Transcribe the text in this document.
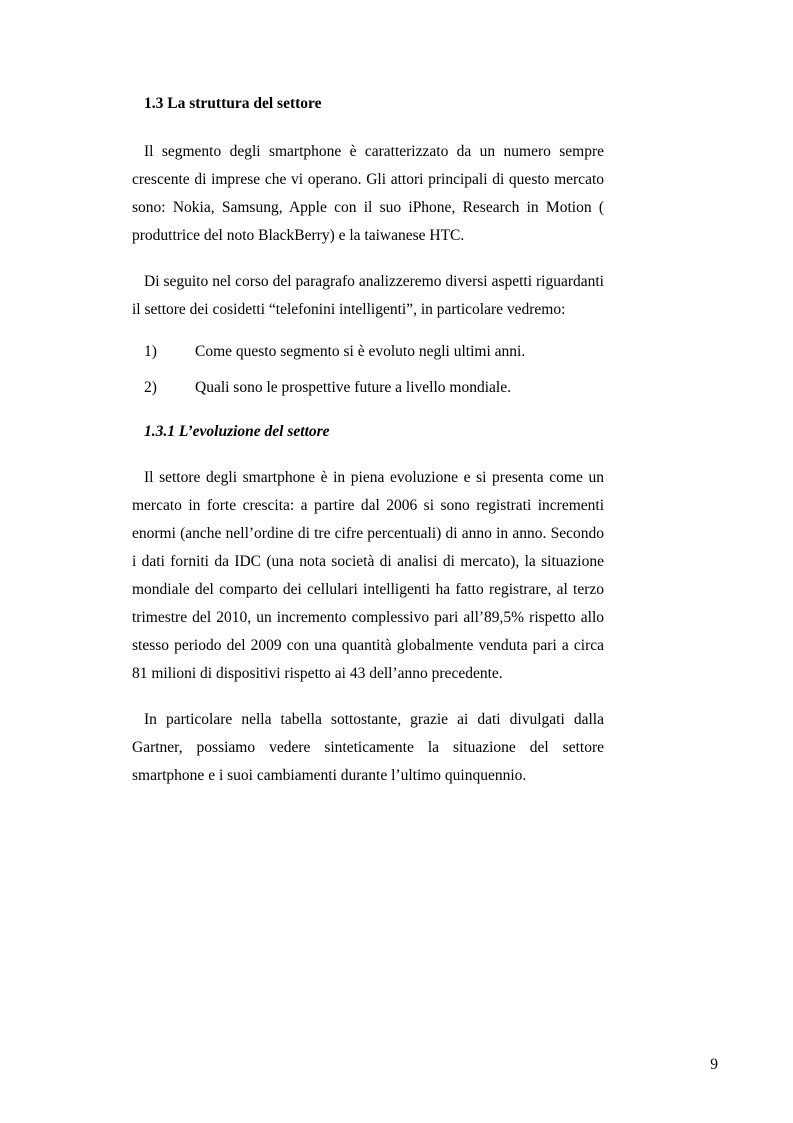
1.3 La struttura del settore

Il segmento degli smartphone è caratterizzato da un numero sempre crescente di imprese che vi operano. Gli attori principali di questo mercato sono: Nokia, Samsung, Apple con il suo iPhone, Research in Motion ( produttrice del noto BlackBerry) e la taiwanese HTC.

Di seguito nel corso del paragrafo analizzeremo diversi aspetti riguardanti il settore dei cosidetti “telefonini intelligenti”, in particolare vedremo:

1)	Come questo segmento si è evoluto negli ultimi anni.
2)	Quali sono le prospettive future a livello mondiale.
1.3.1 L’evoluzione del settore

Il settore degli smartphone è in piena evoluzione e si presenta come un mercato in forte crescita: a partire dal 2006 si sono registrati incrementi enormi (anche nell’ordine di tre cifre percentuali) di anno in anno. Secondo i dati forniti da IDC (una nota società di analisi di mercato), la situazione mondiale del comparto dei cellulari intelligenti ha fatto registrare, al terzo trimestre del 2010, un incremento complessivo pari all’89,5% rispetto allo stesso periodo del 2009 con una quantità globalmente venduta pari a circa 81 milioni di dispositivi rispetto ai 43 dell’anno precedente.

In particolare nella tabella sottostante, grazie ai dati divulgati dalla Gartner, possiamo vedere sinteticamente la situazione del settore smartphone e i suoi cambiamenti durante l’ultimo quinquennio.

9
